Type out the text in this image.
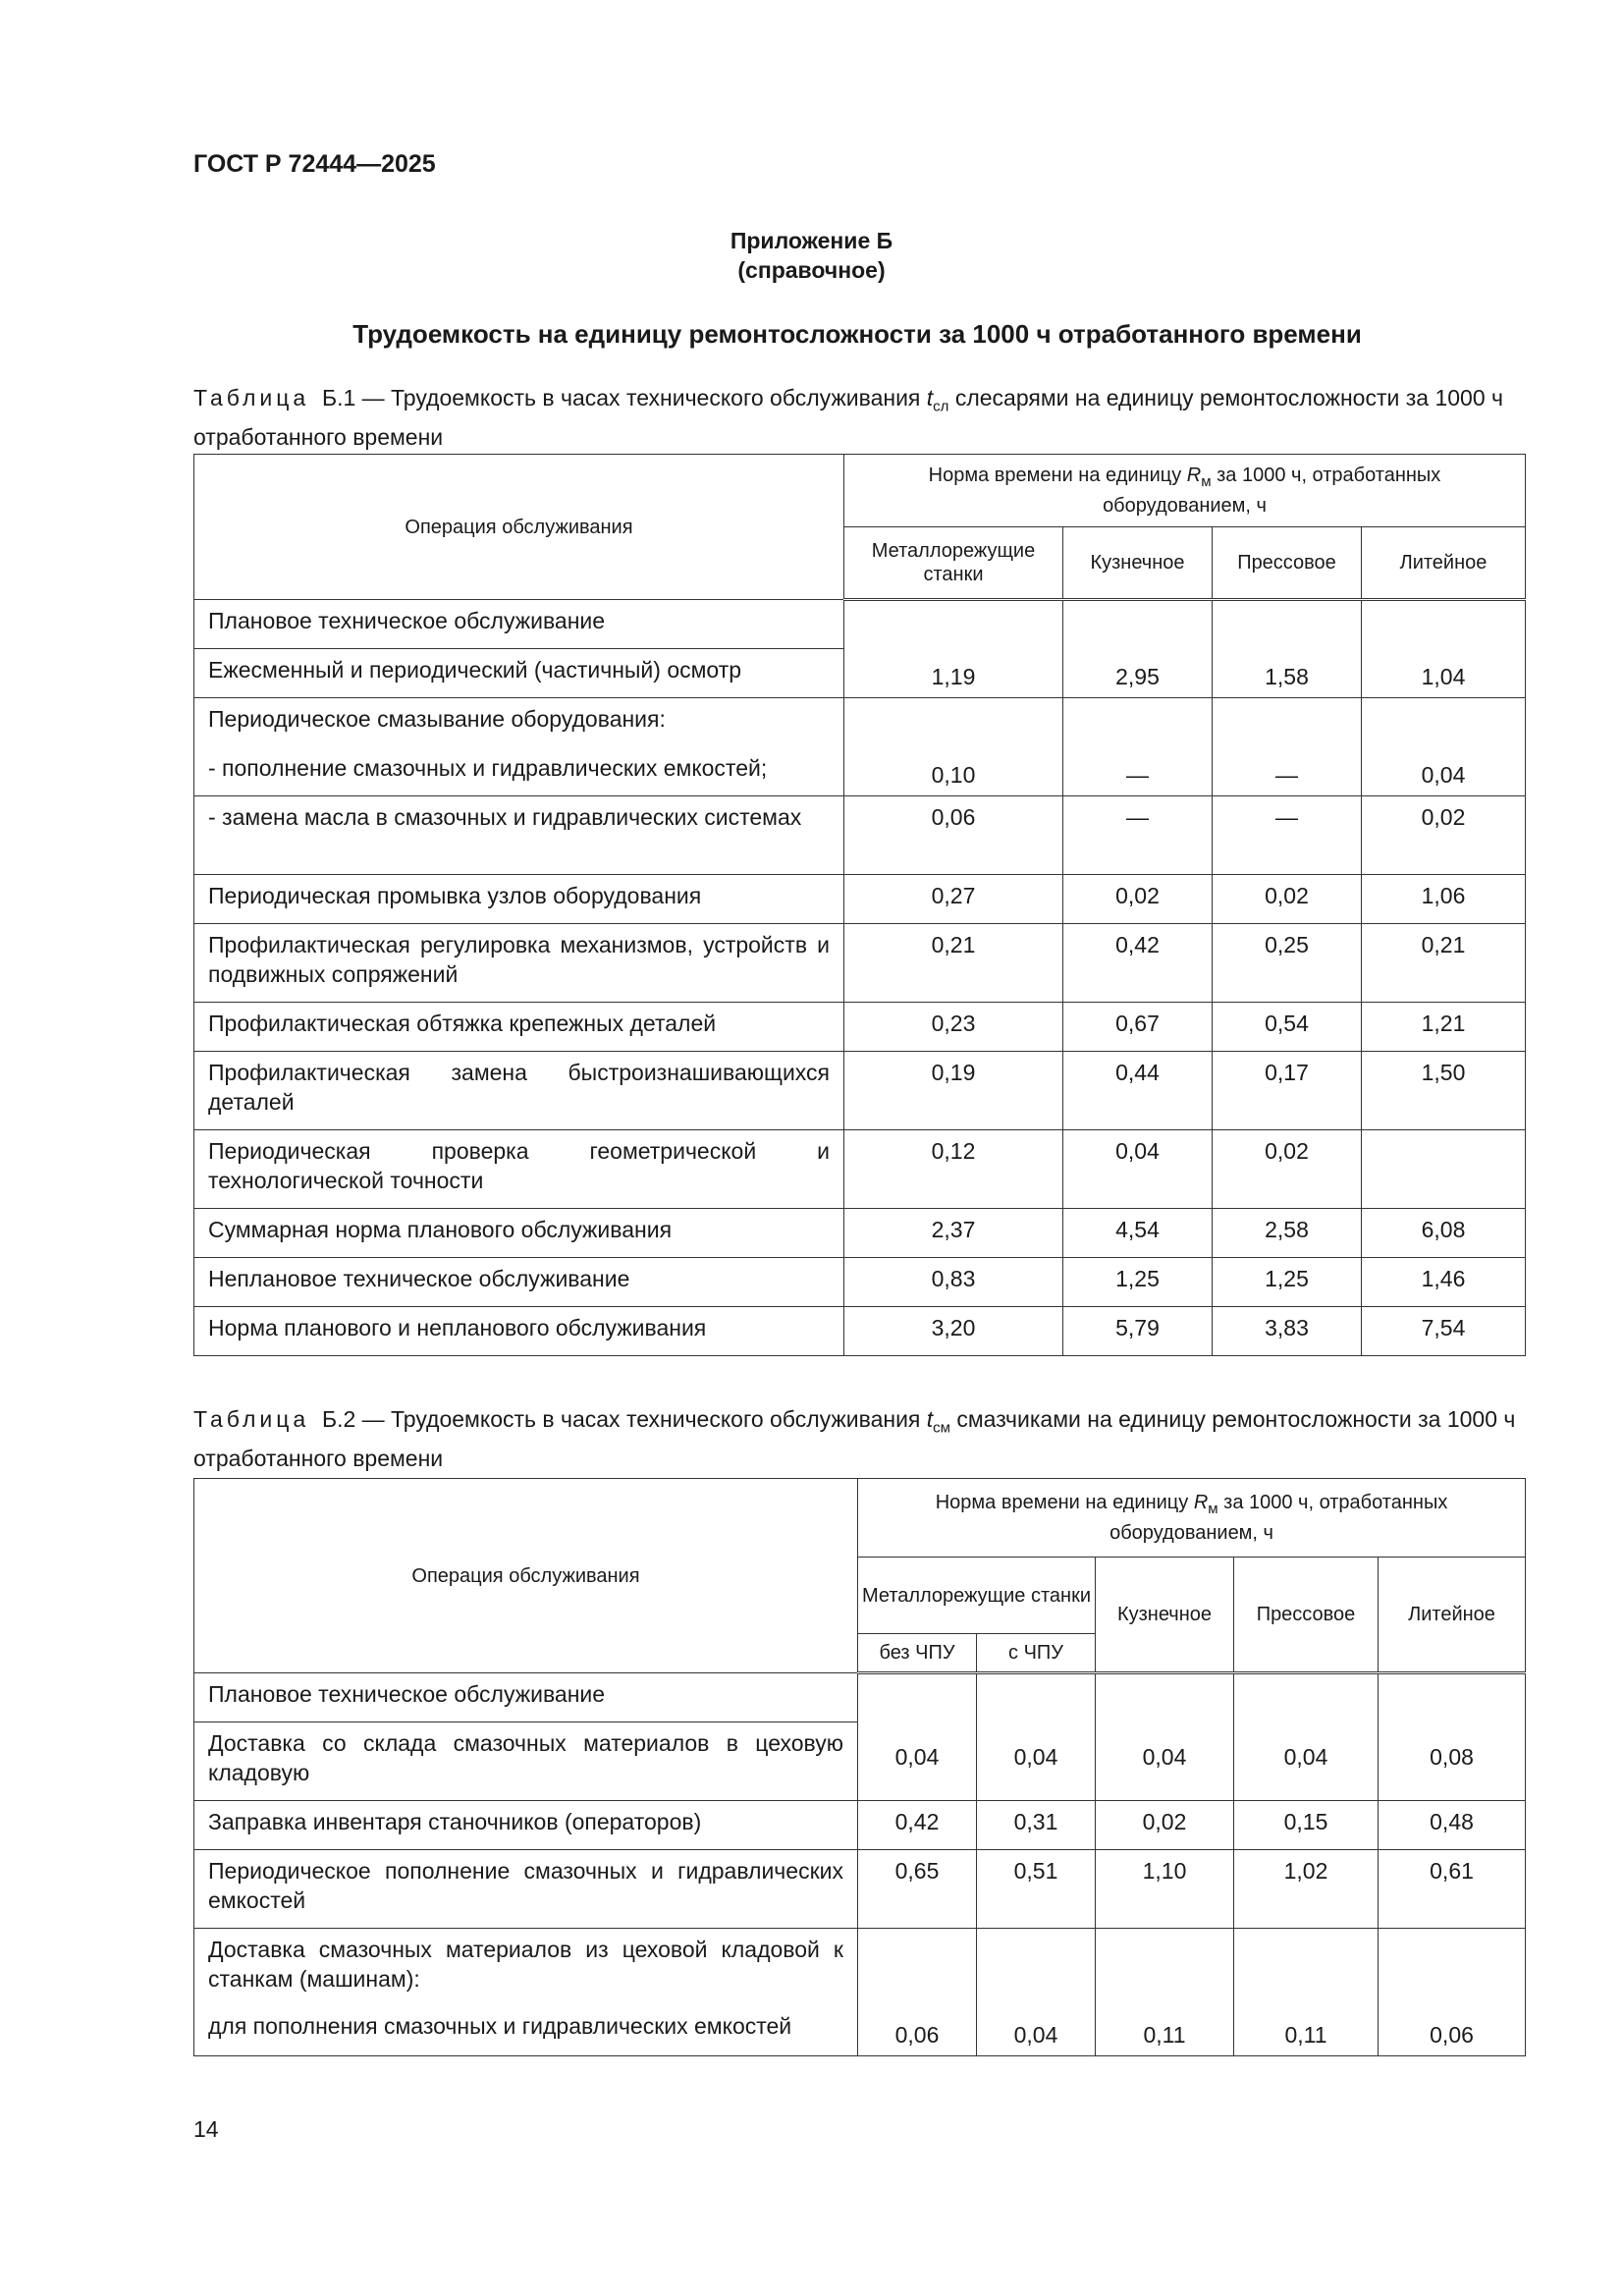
ГОСТ Р 72444—2025
Приложение Б
(справочное)
Трудоемкость на единицу ремонтосложности за 1000 ч отработанного времени
Таблица Б.1 — Трудоемкость в часах технического обслуживания $t_{сл}$ слесарями на единицу ремонтосложности за 1000 ч отработанного времени
Операция обслуживания	Норма времени на единицу $R_м$ за 1000 ч, отработанных оборудованием, ч			
	Металлорежущие станки	Кузнечное	Прессовое	Литейное
Плановое техническое обслуживание	1,19	2,95	1,58	1,04
Ежесменный и периодический (частичный) осмотр				
Периодическое смазывание оборудования:	0,10	—	—	0,04
- пополнение смазочных и гидравлических емкостей;				
- замена масла в смазочных и гидравлических системах	0,06	—	—	0,02
Периодическая промывка узлов оборудования	0,27	0,02	0,02	1,06
Профилактическая регулировка механизмов, устройств и подвижных сопряжений	0,21	0,42	0,25	0,21
Профилактическая обтяжка крепежных деталей	0,23	0,67	0,54	1,21
Профилактическая замена быстроизнашивающихся деталей	0,19	0,44	0,17	1,50
Периодическая проверка геометрической и технологической точности	0,12	0,04	0,02	
Суммарная норма планового обслуживания	2,37	4,54	2,58	6,08
Неплановое техническое обслуживание	0,83	1,25	1,25	1,46
Норма планового и непланового обслуживания	3,20	5,79	3,83	7,54
Таблица Б.2 — Трудоемкость в часах технического обслуживания $t_{см}$ смазчиками на единицу ремонтосложности за 1000 ч отработанного времени
Операция обслуживания	Норма времени на единицу $R_м$ за 1000 ч, отработанных оборудованием, ч				
	Металлорежущие станки		Кузнечное	Прессовое	Литейное
	без ЧПУ	с ЧПУ			
Плановое техническое обслуживание	0,04	0,04	0,04	0,04	0,08
Доставка со склада смазочных материалов в цеховую кладовую					
Заправка инвентаря станочников (операторов)	0,42	0,31	0,02	0,15	0,48
Периодическое пополнение смазочных и гидравлических емкостей	0,65	0,51	1,10	1,02	0,61

Доставка смазочных материалов из цеховой кладовой к станкам (машинам):
для пополнения смазочных и гидравлических емкостей	0,06	0,04	0,11	0,11	0,06
14
